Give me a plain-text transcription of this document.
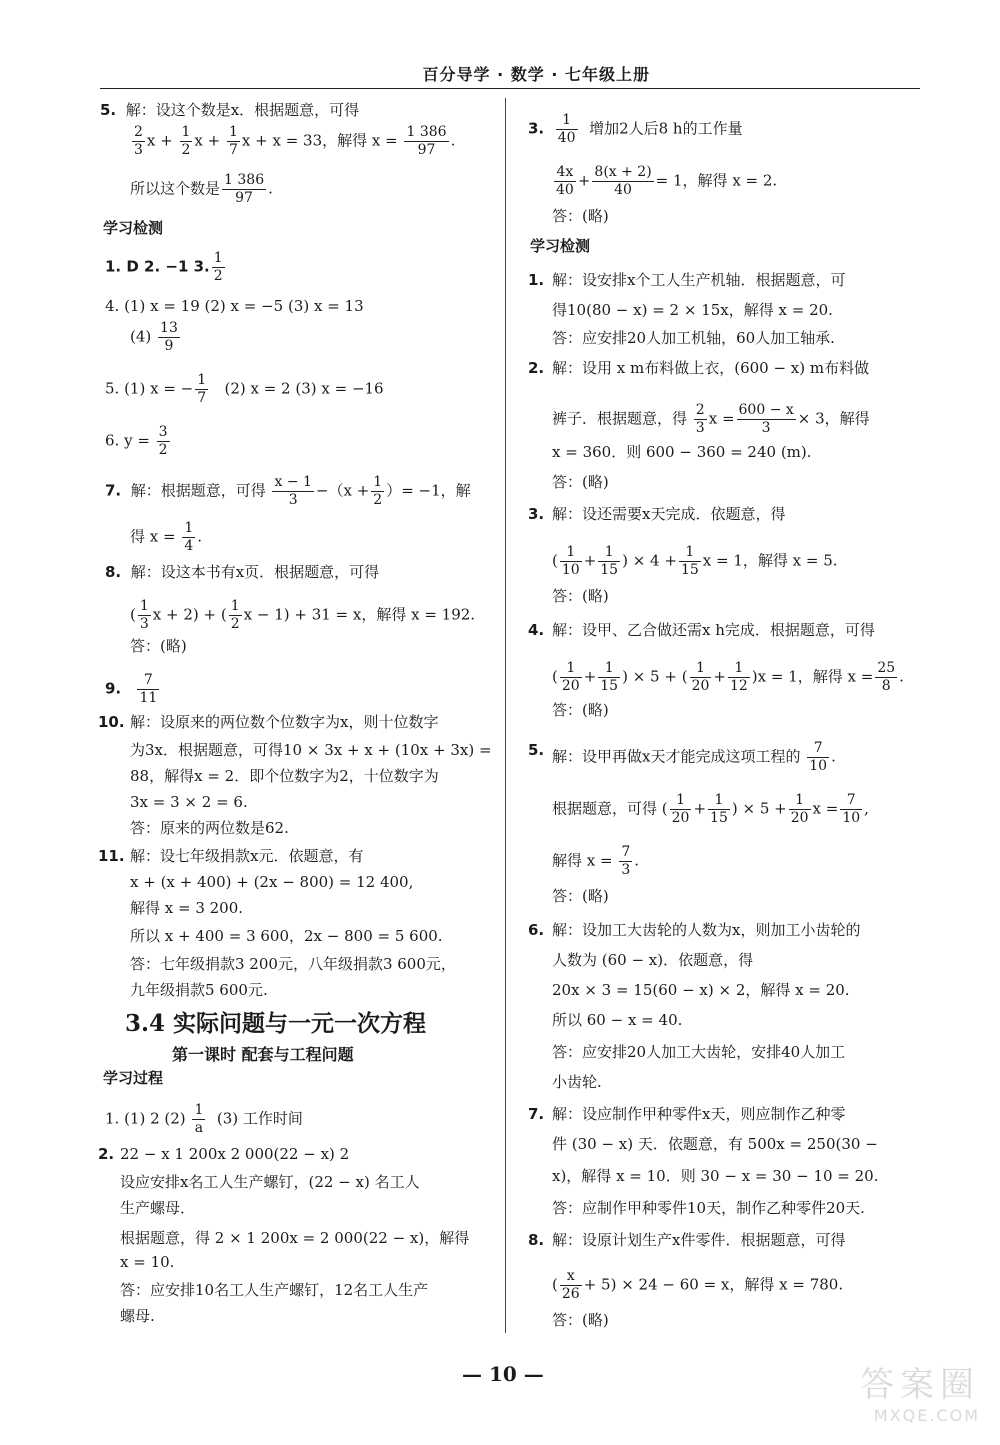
百分导学 · 数学 · 七年级上册
5. 解：设这个数是x．根据题意，可得
$\frac{2}{3}$ $x + \frac{1}{2}$ $x + \frac{1}{7}$ x + x = 33，解得 $x = \frac{1 386}{97}$ .
所以这个数是 $\frac{1 386}{97}$ .
学习检测
1. D 2. −1 3. $\frac{1}{2}$
4. (1) x = 19 (2) x = −5 (3) x = 13
$(4) \frac{13}{9}$
5. (1) x = − $\frac{1}{7} (2) x = 2$ (3) x = −16
6. $y = \frac{3}{2}$
7. 解：根据题意，可得 $\frac{x - 1}{3} -(x + \frac{1}{2}$ ）= −1，解
得 $x = \frac{1}{4}$ .
8. 解：设这本书有x页．根据题意，可得
( $\frac{1}{3}$ x + 2) + ( $\frac{1}{2}$ x − 1) + 31 = x，解得 x = 192.
答：(略)
9. $\frac{7}{11}$
10. 解：设原来的两位数个位数字为x，则十位数字
为3x．根据题意，可得10 × 3x + x + (10x + 3x) =
88，解得x = 2．即个位数字为2，十位数字为
3x = 3 × 2 = 6.
答：原来的两位数是62.
11. 解：设七年级捐款x元．依题意，有
x + (x + 400) + (2x − 800) = 12 400,
解得 x = 3 200.
所以 x + 400 = 3 600，2x − 800 = 5 600.
答：七年级捐款3 200元，八年级捐款3 600元，
九年级捐款5 600元.
3.4 实际问题与一元一次方程
第一课时 配套与工程问题
学习过程
1. (1) 2 $(2) \frac{1}{a} (3)$ 工作时间
2. 22 − x 1 200x 2 000(22 − x) 2
设应安排x名工人生产螺钉，(22 − x) 名工人
生产螺母．
根据题意，得 2 × 1 200x = 2 000(22 − x)，解得
x = 10.
答：应安排10名工人生产螺钉，12名工人生产
螺母.
3. $\frac{1}{40}$ 增加2人后8 h的工作量
$\frac{4x}{40} + \frac{8(x + 2)}{40} = 1$，解得 x = 2.
答：(略)
学习检测
1. 解：设安排x个工人生产机轴．根据题意，可
得10(80 − x) = 2 × 15x，解得 x = 20.
答：应安排20人加工机轴，60人加工轴承.
2. 解：设用 x m布料做上衣，(600 − x) m布料做
裤子．根据题意，得 $\frac{2}{3}$ $x = \frac{600 - x}{3} \times 3$，解得
x = 360．则 600 − 360 = 240 (m).
答：(略)
3. 解：设还需要x天完成．依题意，得
( $\frac{1}{10} + \frac{1}{15}$ ) × $4 + \frac{1}{15}$ x = 1，解得 x = 5.
答：(略)
4. 解：设甲、乙合做还需x h完成．根据题意，可得
( $\frac{1}{20} + \frac{1}{15}$ ) × 5 + ( $\frac{1}{20} + \frac{1}{12} )x = 1$，解得 $x = \frac{25}{8}$ .
答：(略)
5. 解：设甲再做x天才能完成这项工程的 $\frac{7}{10}$ .
根据题意，可得 ( $\frac{1}{20} + \frac{1}{15}$ ) × $5 + \frac{1}{20}$ $x = \frac{7}{10}$ ,
解得 $x = \frac{7}{3}$ .
答：(略)
6. 解：设加工大齿轮的人数为x，则加工小齿轮的
人数为 (60 − x)．依题意，得
20x × 3 = 15(60 − x) × 2，解得 x = 20.
所以 60 − x = 40.
答：应安排20人加工大齿轮，安排40人加工
小齿轮.
7. 解：设应制作甲种零件x天，则应制作乙种零
件 (30 − x) 天．依题意，有 500x = 250(30 −
x)，解得 x = 10．则 30 − x = 30 − 10 = 20.
答：应制作甲种零件10天，制作乙种零件20天.
8. 解：设原计划生产x件零件．根据题意，可得
( $\frac{x}{26} + 5) \times 24 - 60 = x$，解得 x = 780.
答：(略)
— 10 —	答案圈
MXQE.COM
